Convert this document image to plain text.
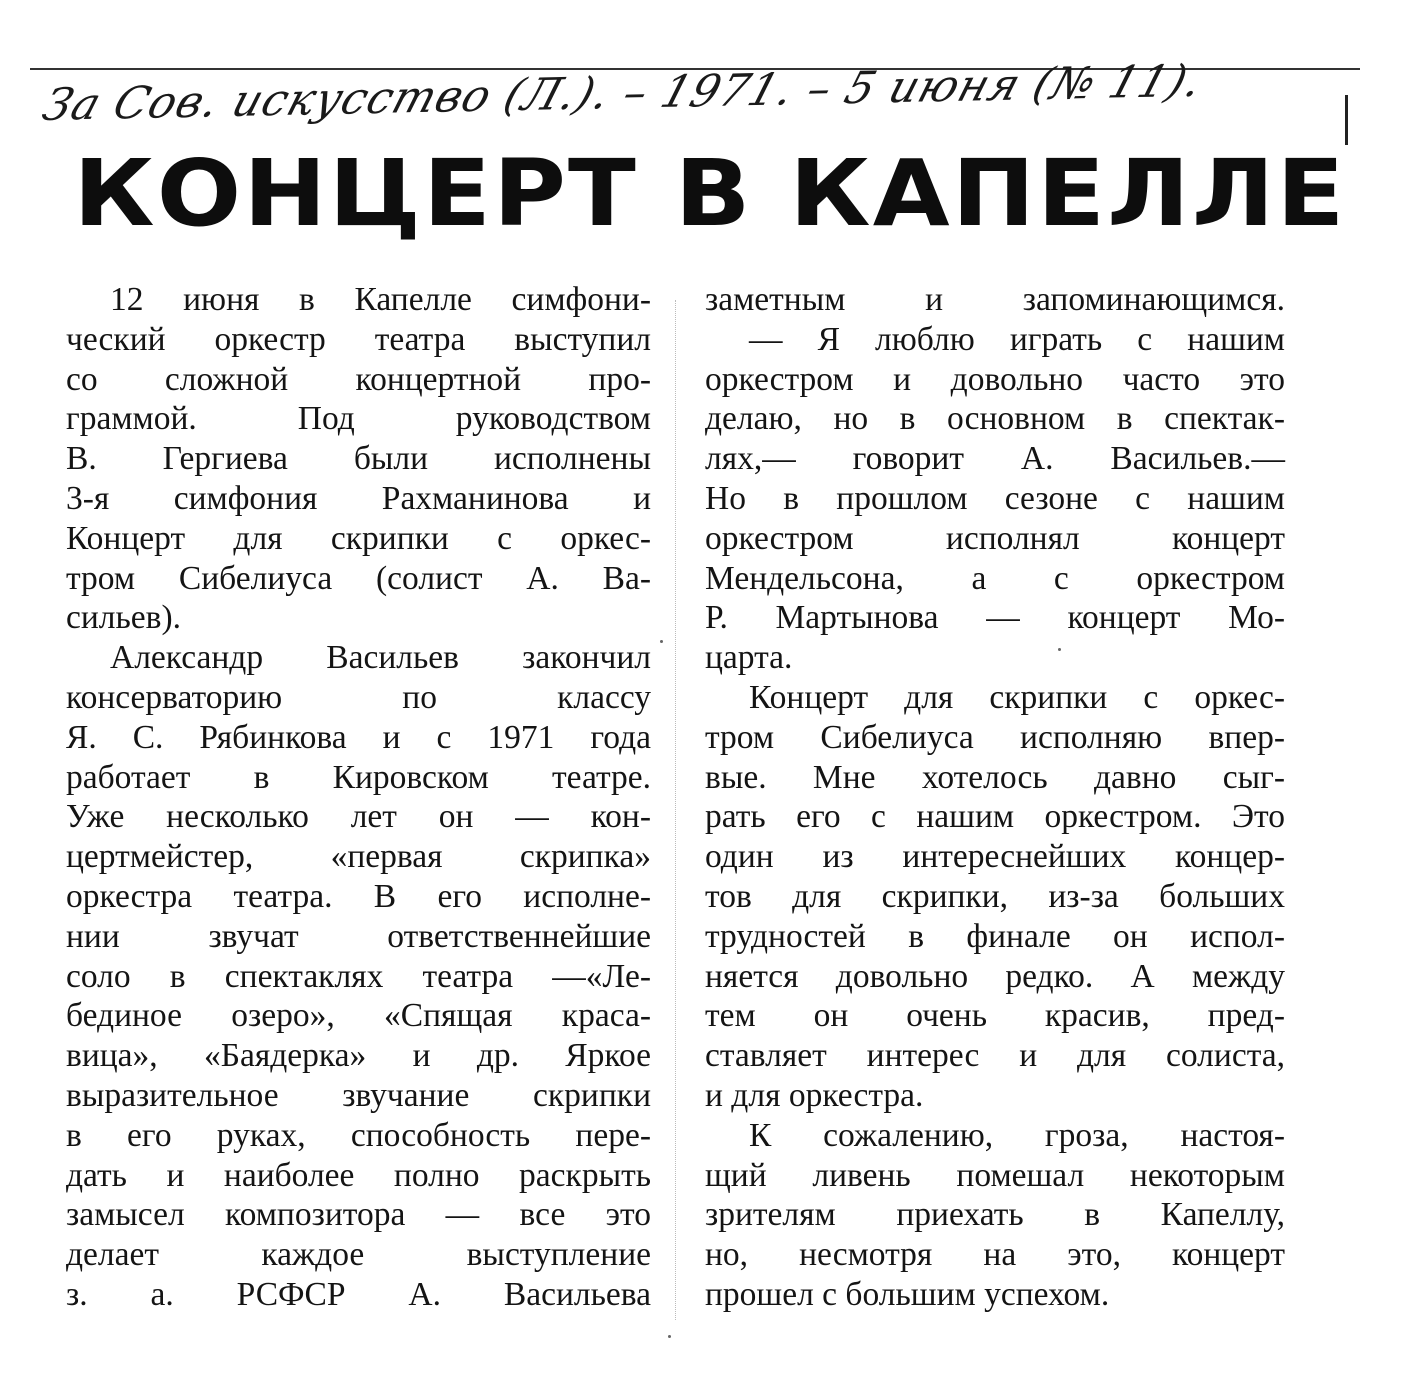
За Сов. искусство (Л.). – 1971. – 5 июня (№ 11).
КОНЦЕРТ В КАПЕЛЛЕ
12 июня в Капелле симфони-
ческий оркестр театра выступил
со сложной концертной про-
граммой. Под руководством
В. Гергиева были исполнены
3-я симфония Рахманинова и
Концерт для скрипки с оркес-
тром Сибелиуса (солист А. Ва-
сильев).
Александр Васильев закончил
консерваторию по классу
Я. С. Рябинкова и с 1971 года
работает в Кировском театре.
Уже несколько лет он — кон-
цертмейстер, «первая скрипка»
оркестра театра. В его исполне-
нии звучат ответственнейшие
соло в спектаклях театра —«Ле-
бединое озеро», «Спящая краса-
вица», «Баядерка» и др. Яркое
выразительное звучание скрипки
в его руках, способность пере-
дать и наиболее полно раскрыть
замысел композитора — все это
делает каждое выступление
з. а. РСФСР А. Васильева
заметным и запоминающимся.
— Я люблю играть с нашим
оркестром и довольно часто это
делаю, но в основном в спектак-
лях,— говорит А. Васильев.—
Но в прошлом сезоне с нашим
оркестром исполнял концерт
Мендельсона, а с оркестром
Р. Мартынова — концерт Мо-
царта.
Концерт для скрипки с оркес-
тром Сибелиуса исполняю впер-
вые. Мне хотелось давно сыг-
рать его с нашим оркестром. Это
один из интереснейших концер-
тов для скрипки, из-за больших
трудностей в финале он испол-
няется довольно редко. А между
тем он очень красив, пред-
ставляет интерес и для солиста,
и для оркестра.
К сожалению, гроза, настоя-
щий ливень помешал некоторым
зрителям приехать в Капеллу,
но, несмотря на это, концерт
прошел с большим успехом.
